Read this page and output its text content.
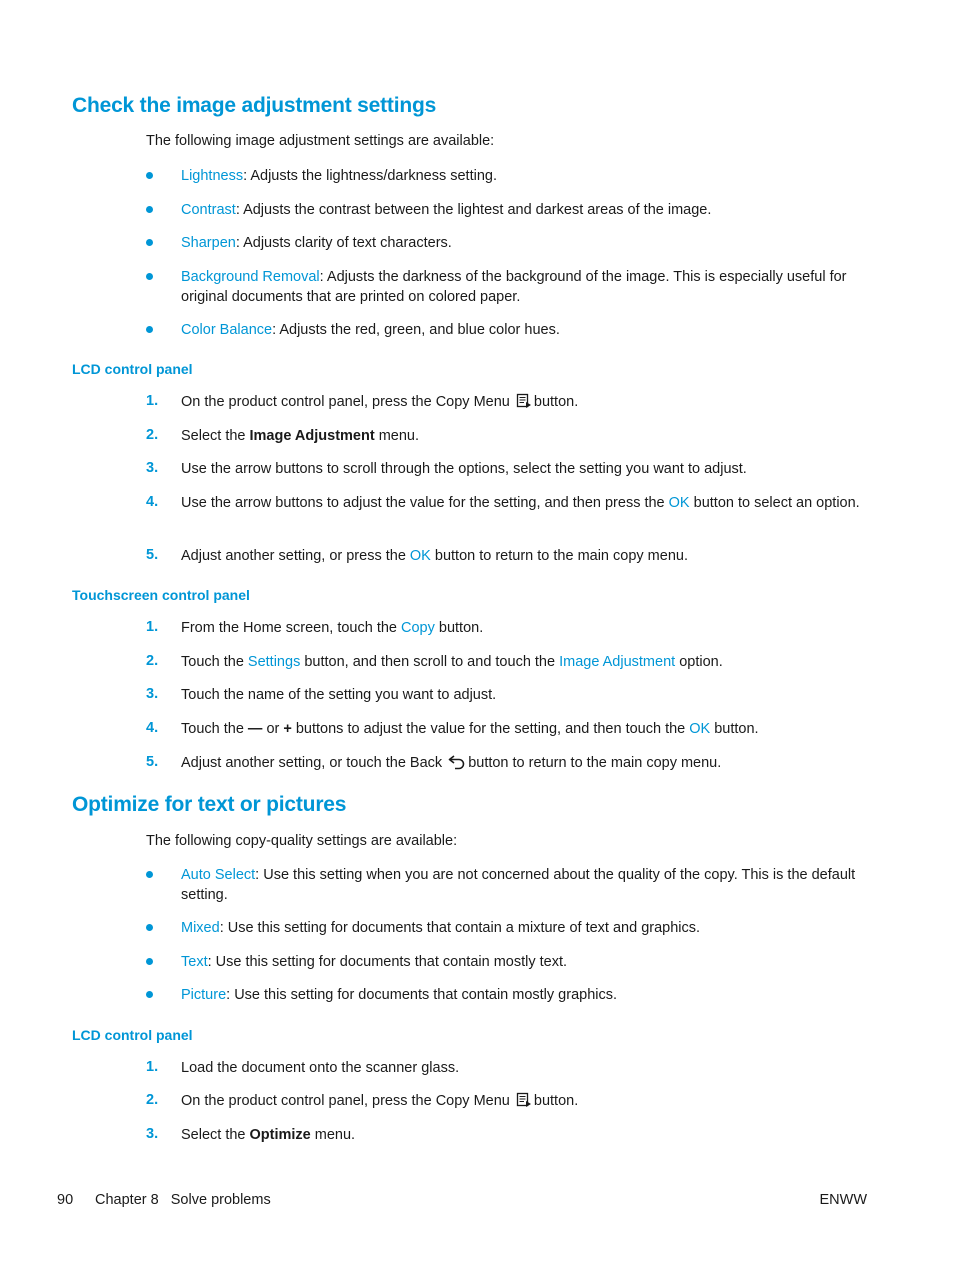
Check the image adjustment settings

The following image adjustment settings are available:

Lightness: Adjusts the lightness/darkness setting.
Contrast: Adjusts the contrast between the lightest and darkest areas of the image.
Sharpen: Adjusts clarity of text characters.
Background Removal: Adjusts the darkness of the background of the image. This is especially useful for original documents that are printed on colored paper.
Color Balance: Adjusts the red, green, and blue color hues.
LCD control panel
1.	On the product control panel, press the Copy Menu button.
2.	Select the Image Adjustment menu.
3.	Use the arrow buttons to scroll through the options, select the setting you want to adjust.
4.	Use the arrow buttons to adjust the value for the setting, and then press the OK button to select an option.
5.	Adjust another setting, or press the OK button to return to the main copy menu.
Touchscreen control panel
1.	From the Home screen, touch the Copy button.
2.	Touch the Settings button, and then scroll to and touch the Image Adjustment option.
3.	Touch the name of the setting you want to adjust.
4.	Touch the — or + buttons to adjust the value for the setting, and then touch the OK button.
5.	Adjust another setting, or touch the Back button to return to the main copy menu.
Optimize for text or pictures

The following copy-quality settings are available:

Auto Select: Use this setting when you are not concerned about the quality of the copy. This is the default setting.
Mixed: Use this setting for documents that contain a mixture of text and graphics.
Text: Use this setting for documents that contain mostly text.
Picture: Use this setting for documents that contain mostly graphics.
LCD control panel
1.	Load the document onto the scanner glass.
2.	On the product control panel, press the Copy Menu button.
3.	Select the Optimize menu.
90 Chapter 8   Solve problems	ENWW
